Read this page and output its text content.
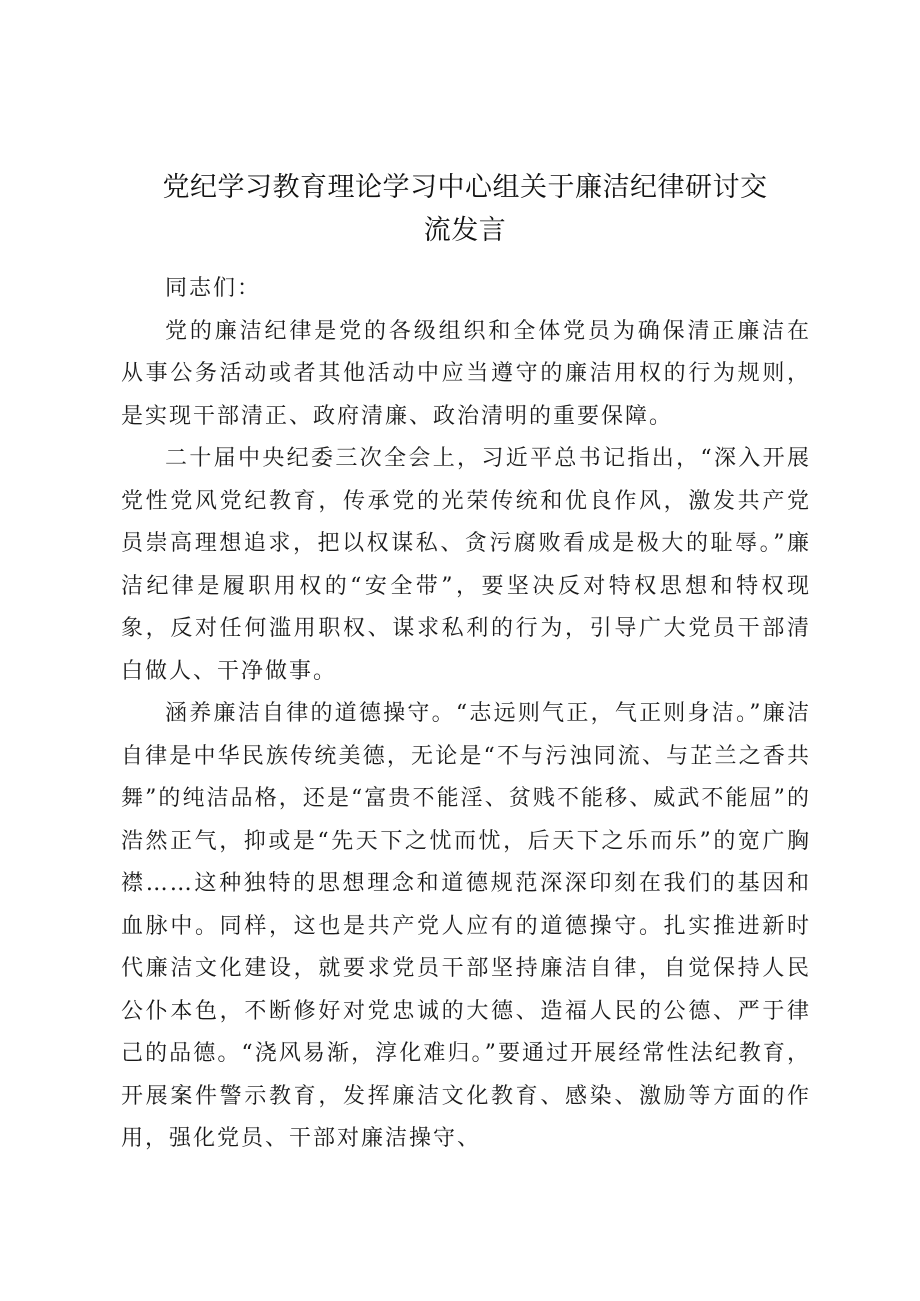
党纪学习教育理论学习中心组关于廉洁纪律研讨交流发言

同志们：

党的廉洁纪律是党的各级组织和全体党员为确保清正廉洁在从事公务活动或者其他活动中应当遵守的廉洁用权的行为规则，是实现干部清正、政府清廉、政治清明的重要保障。

二十届中央纪委三次全会上，习近平总书记指出，“深入开展党性党风党纪教育，传承党的光荣传统和优良作风，激发共产党员崇高理想追求，把以权谋私、贪污腐败看成是极大的耻辱。”廉洁纪律是履职用权的“安全带”，要坚决反对特权思想和特权现象，反对任何滥用职权、谋求私利的行为，引导广大党员干部清白做人、干净做事。

涵养廉洁自律的道德操守。“志远则气正，气正则身洁。”廉洁自律是中华民族传统美德，无论是“不与污浊同流、与芷兰之香共舞”的纯洁品格，还是“富贵不能淫、贫贱不能移、威武不能屈”的浩然正气，抑或是“先天下之忧而忧，后天下之乐而乐”的宽广胸襟……这种独特的思想理念和道德规范深深印刻在我们的基因和血脉中。同样，这也是共产党人应有的道德操守。扎实推进新时代廉洁文化建设，就要求党员干部坚持廉洁自律，自觉保持人民公仆本色，不断修好对党忠诚的大德、造福人民的公德、严于律己的品德。“浇风易渐，淳化难归。”要通过开展经常性法纪教育，开展案件警示教育，发挥廉洁文化教育、感染、激励等方面的作用，强化党员、干部对廉洁操守、
